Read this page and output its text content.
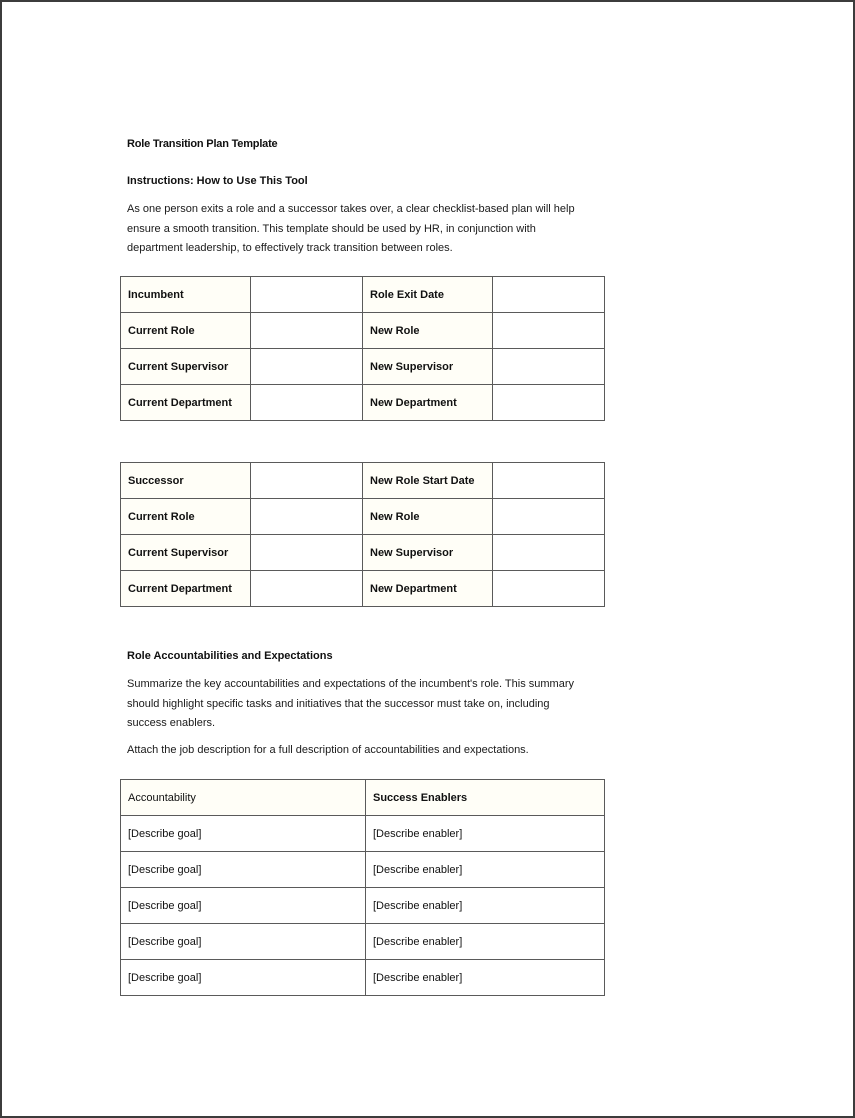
Role Transition Plan Template
Instructions: How to Use This Tool
As one person exits a role and a successor takes over, a clear checklist-based plan will help
ensure a smooth transition. This template should be used by HR, in conjunction with
department leadership, to effectively track transition between roles.
Incumbent		Role Exit Date	
Current Role		New Role	
Current Supervisor		New Supervisor	
Current Department		New Department	
Successor		New Role Start Date	
Current Role		New Role	
Current Supervisor		New Supervisor	
Current Department		New Department	
Role Accountabilities and Expectations
Summarize the key accountabilities and expectations of the incumbent's role. This summary
should highlight specific tasks and initiatives that the successor must take on, including
success enablers.
Attach the job description for a full description of accountabilities and expectations.
Accountability	Success Enablers
[Describe goal]	[Describe enabler]
[Describe goal]	[Describe enabler]
[Describe goal]	[Describe enabler]
[Describe goal]	[Describe enabler]
[Describe goal]	[Describe enabler]
